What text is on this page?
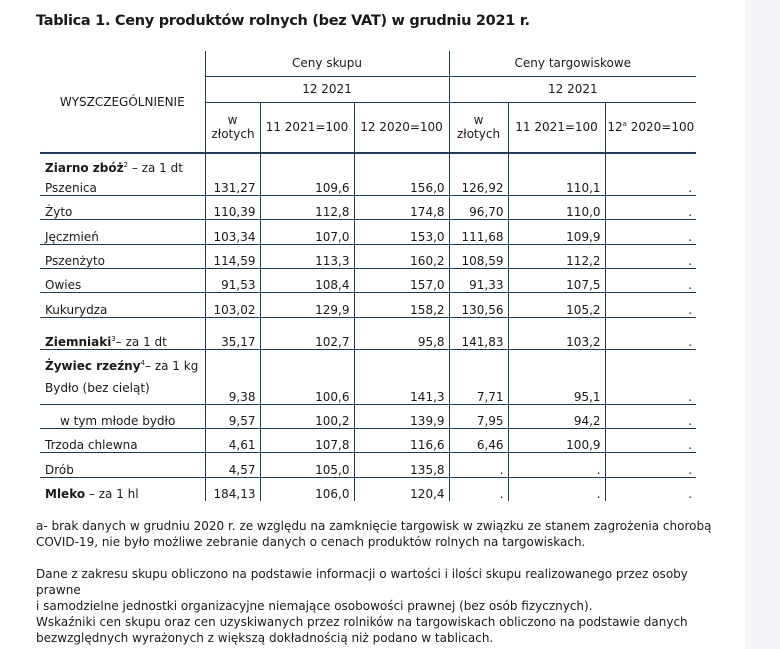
Tablica 1. Ceny produktów rolnych (bez VAT) w grudniu 2021 r.
WYSZCZEGÓLNIENIE	Ceny skupu			Ceny targowiskowe		
	12 2021			12 2021		
	w złotych	11 2021=100	12 2020=100	w złotych	11 2021=100	12$^a$ 2020=100

Ziarno zbóż$^2$ – za 1 dt						
Pszenica	131,27	109,6	156,0	126,92	110,1	.
Żyto	110,39	112,8	174,8	96,70	110,0	.
Jęczmień	103,34	107,0	153,0	111,68	109,9	.
Pszenżyto	114,59	113,3	160,2	108,59	112,2	.
Owies	91,53	108,4	157,0	91,33	107,5	.
Kukurydza	103,02	129,9	158,2	130,56	105,2	.
Ziemniaki$^3$– za 1 dt	35,17	102,7	95,8	141,83	103,2	.
Żywiec rzeźny$^4$– za 1 kg						
Bydło (bez cieląt)	9,38	100,6	141,3	7,71	95,1	.
w tym młode bydło	9,57	100,2	139,9	7,95	94,2	.
Trzoda chlewna	4,61	107,8	116,6	6,46	100,9	.
Drób	4,57	105,0	135,8	.	.	.
Mleko – za 1 hl	184,13	106,0	120,4	.	.	.

a- brak danych w grudniu 2020 r. ze względu na zamknięcie targowisk w związku ze stanem zagrożenia chorobą

COVID-19, nie było możliwe zebranie danych o cenach produktów rolnych na targowiskach.

Dane z zakresu skupu obliczono na podstawie informacji o wartości i ilości skupu realizowanego przez osoby prawne

i samodzielne jednostki organizacyjne niemające osobowości prawnej (bez osób fizycznych).

Wskaźniki cen skupu oraz cen uzyskiwanych przez rolników na targowiskach obliczono na podstawie danych

bezwzględnych wyrażonych z większą dokładnością niż podano w tablicach.
